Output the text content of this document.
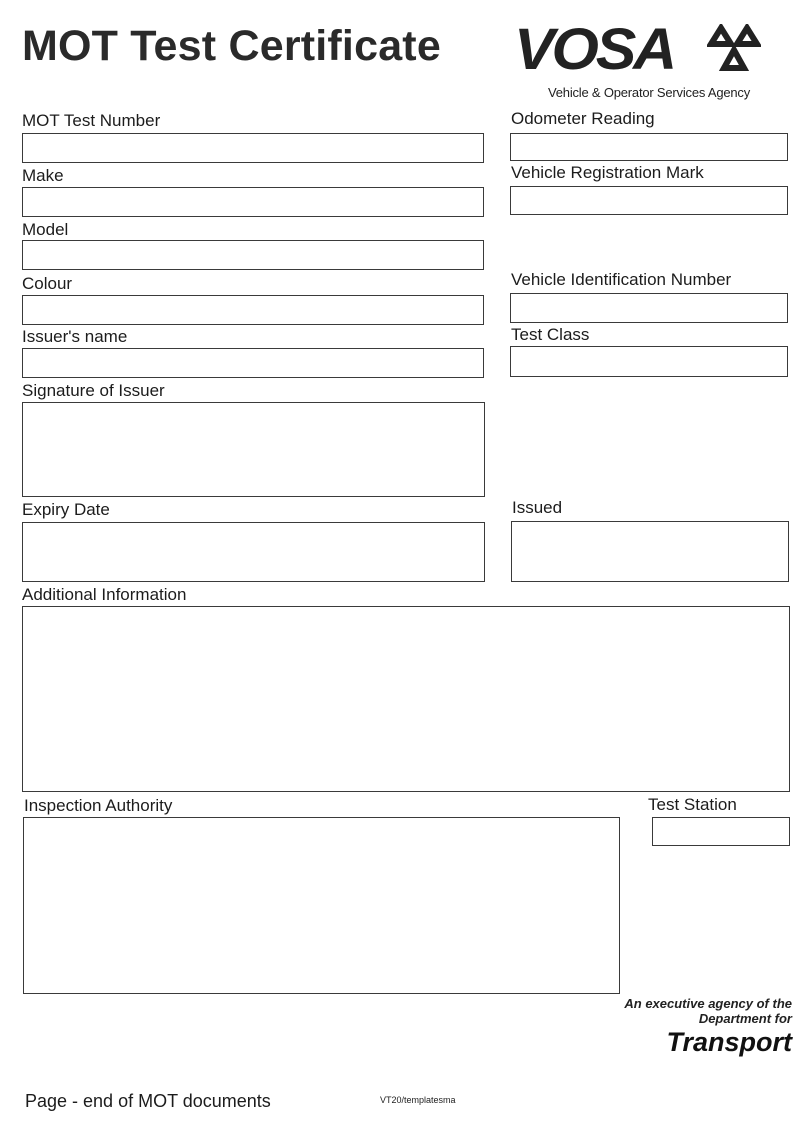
MOT Test Certificate VOSA
Vehicle & Operator Services Agency
MOT Test Number	Odometer Reading
Make	Vehicle Registration Mark
Model
Colour	Vehicle Identification Number
Issuer's name	Test Class
Signature of Issuer
Expiry Date	Issued
Additional Information
Inspection Authority	Test Station
An executive agency of the
Department for
Transport
Page - end of MOT documents	VT20/templatesma
